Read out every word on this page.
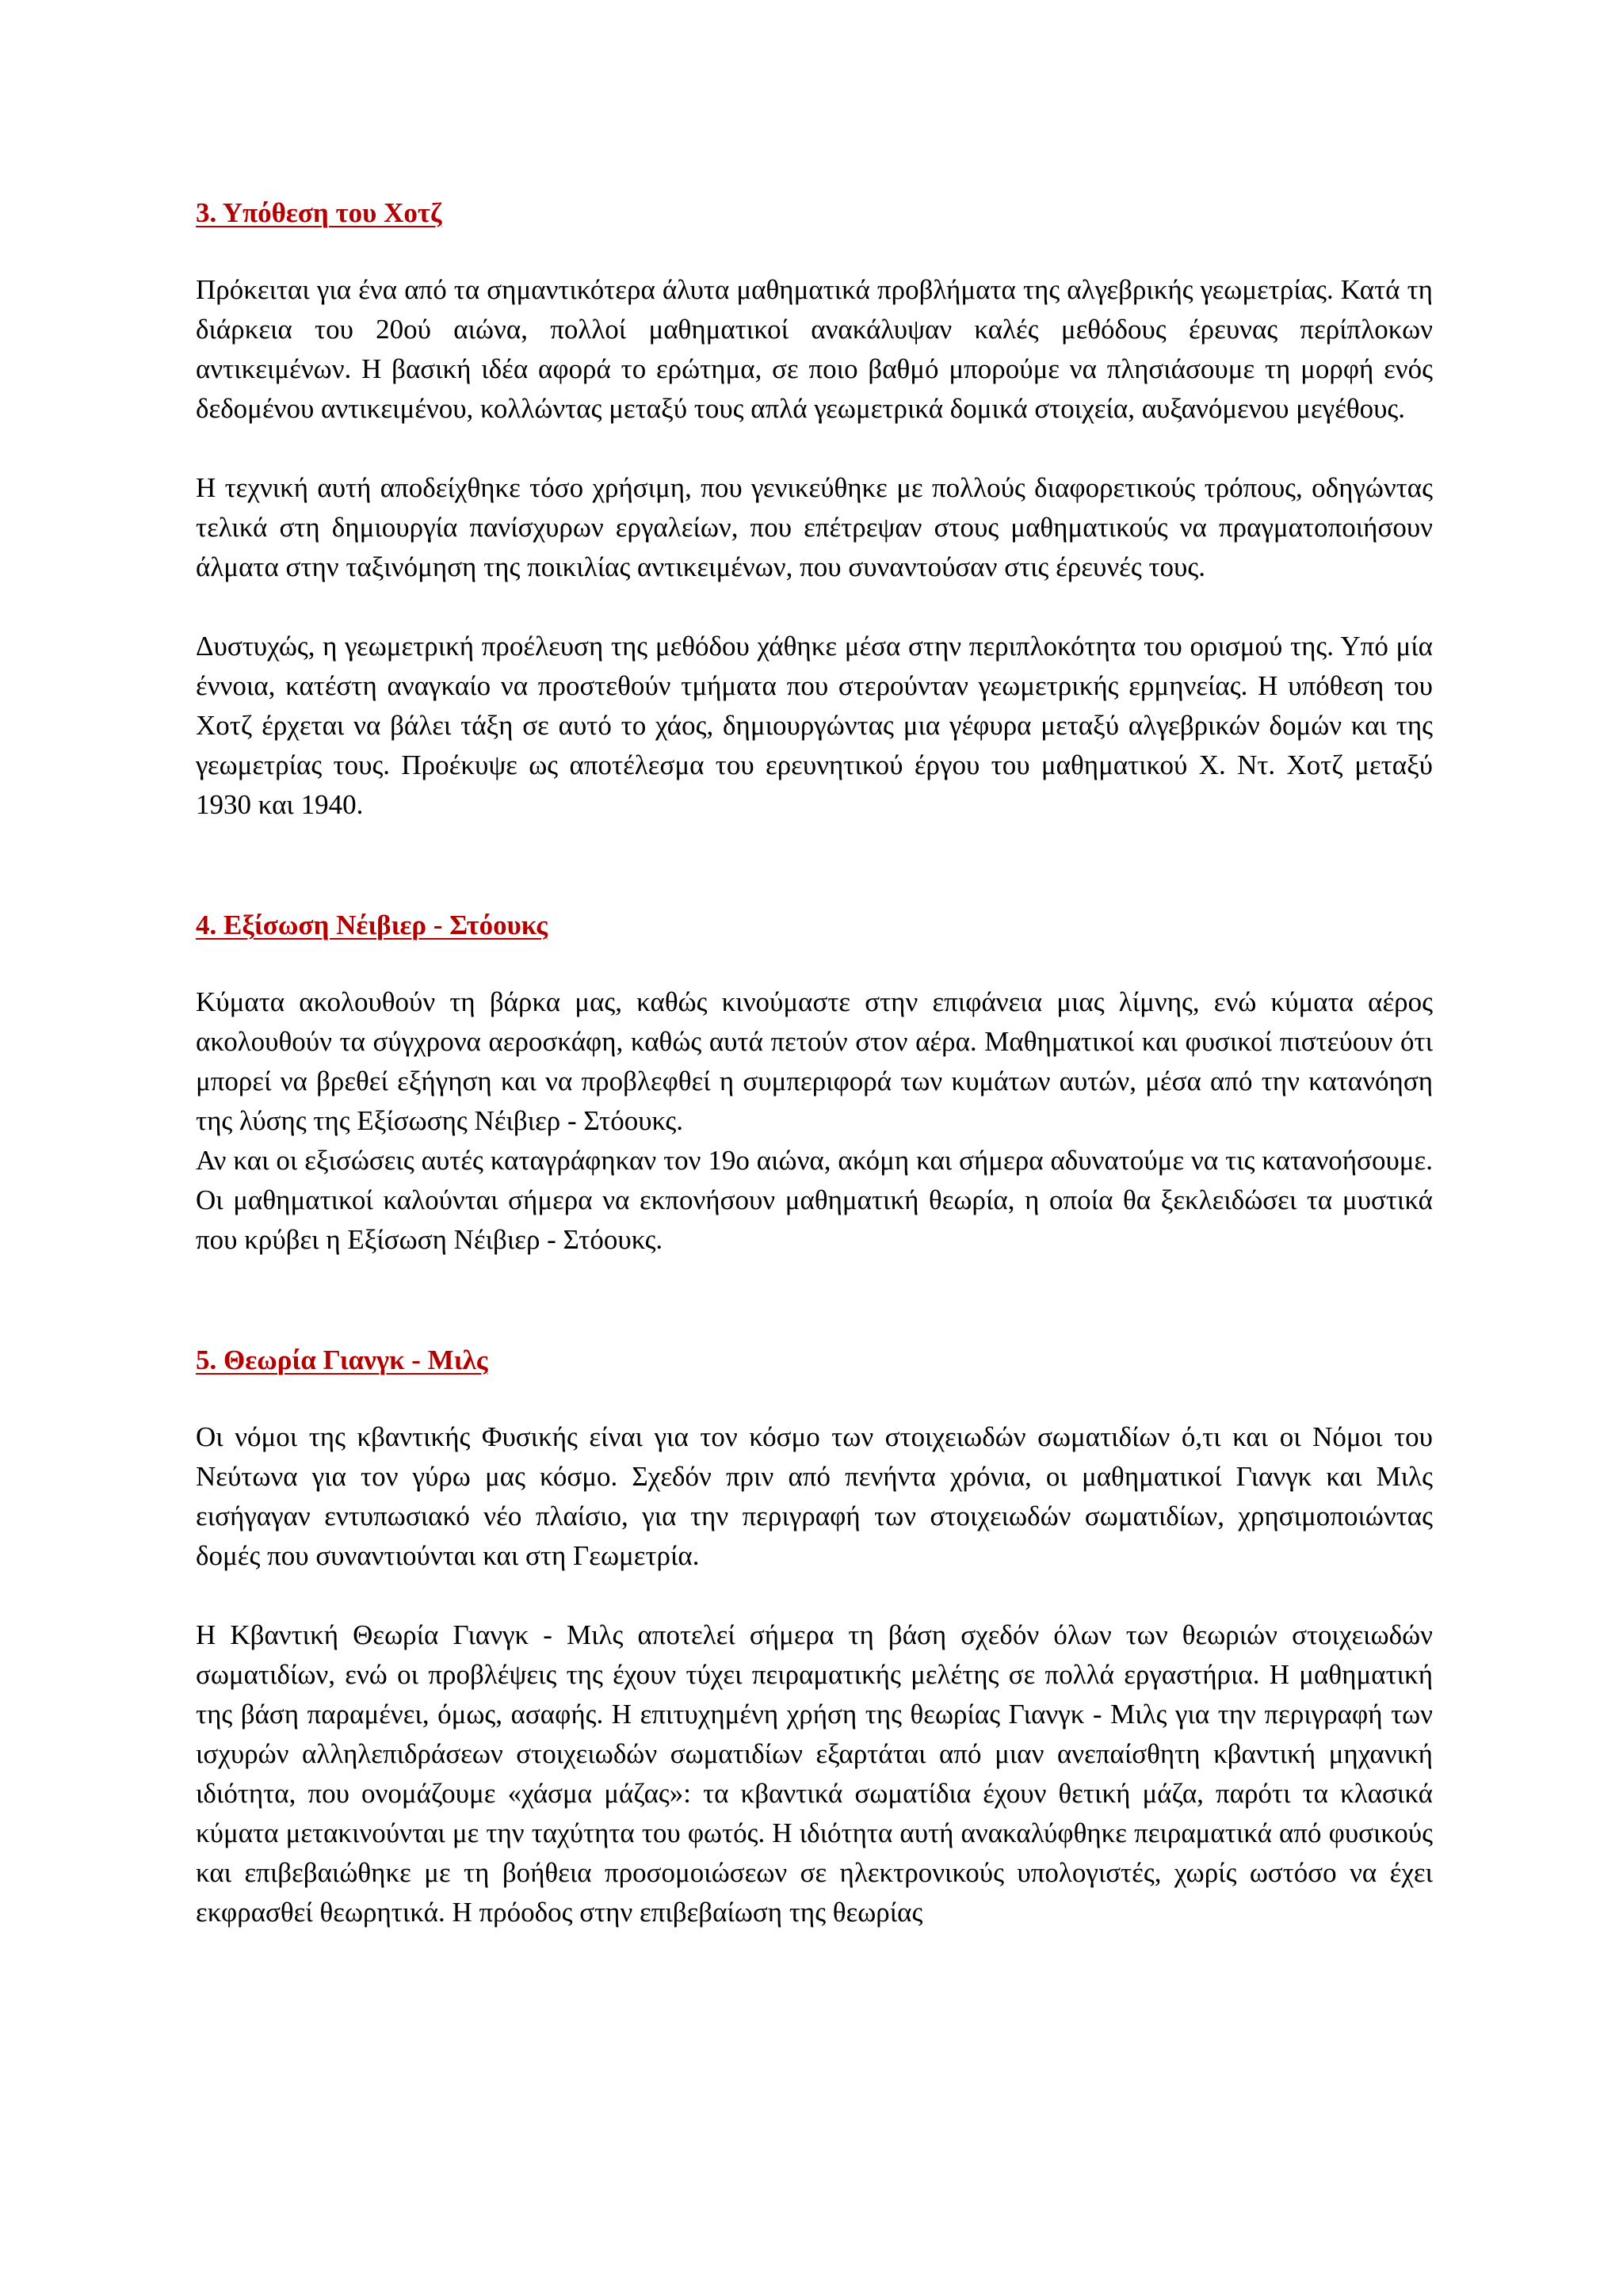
3. Υπόθεση του Χοτζ

Πρόκειται για ένα από τα σημαντικότερα άλυτα μαθηματικά προβλήματα της αλγεβρικής γεωμετρίας. Κατά τη διάρκεια του 20ού αιώνα, πολλοί μαθηματικοί ανακάλυψαν καλές μεθόδους έρευνας περίπλοκων αντικειμένων. Η βασική ιδέα αφορά το ερώτημα, σε ποιο βαθμό μπορούμε να πλησιάσουμε τη μορφή ενός δεδομένου αντικειμένου, κολλώντας μεταξύ τους απλά γεωμετρικά δομικά στοιχεία, αυξανόμενου μεγέθους.

Η τεχνική αυτή αποδείχθηκε τόσο χρήσιμη, που γενικεύθηκε με πολλούς διαφορετικούς τρόπους, οδηγώντας τελικά στη δημιουργία πανίσχυρων εργαλείων, που επέτρεψαν στους μαθηματικούς να πραγματοποιήσουν άλματα στην ταξινόμηση της ποικιλίας αντικειμένων, που συναντούσαν στις έρευνές τους.

Δυστυχώς, η γεωμετρική προέλευση της μεθόδου χάθηκε μέσα στην περιπλοκότητα του ορισμού της. Υπό μία έννοια, κατέστη αναγκαίο να προστεθούν τμήματα που στερούνταν γεωμετρικής ερμηνείας. Η υπόθεση του Χοτζ έρχεται να βάλει τάξη σε αυτό το χάος, δημιουργώντας μια γέφυρα μεταξύ αλγεβρικών δομών και της γεωμετρίας τους. Προέκυψε ως αποτέλεσμα του ερευνητικού έργου του μαθηματικού Χ. Ντ. Χοτζ μεταξύ 1930 και 1940.

4. Εξίσωση Νέιβιερ - Στόουκς

Κύματα ακολουθούν τη βάρκα μας, καθώς κινούμαστε στην επιφάνεια μιας λίμνης, ενώ κύματα αέρος ακολουθούν τα σύγχρονα αεροσκάφη, καθώς αυτά πετούν στον αέρα. Μαθηματικοί και φυσικοί πιστεύουν ότι μπορεί να βρεθεί εξήγηση και να προβλεφθεί η συμπεριφορά των κυμάτων αυτών, μέσα από την κατανόηση της λύσης της Εξίσωσης Νέιβιερ - Στόουκς.

Αν και οι εξισώσεις αυτές καταγράφηκαν τον 19ο αιώνα, ακόμη και σήμερα αδυνατούμε να τις κατανοήσουμε. Οι μαθηματικοί καλούνται σήμερα να εκπονήσουν μαθηματική θεωρία, η οποία θα ξεκλειδώσει τα μυστικά που κρύβει η Εξίσωση Νέιβιερ - Στόουκς.

5. Θεωρία Γιανγκ - Μιλς

Οι νόμοι της κβαντικής Φυσικής είναι για τον κόσμο των στοιχειωδών σωματιδίων ό,τι και οι Νόμοι του Νεύτωνα για τον γύρω μας κόσμο. Σχεδόν πριν από πενήντα χρόνια, οι μαθηματικοί Γιανγκ και Μιλς εισήγαγαν εντυπωσιακό νέο πλαίσιο, για την περιγραφή των στοιχειωδών σωματιδίων, χρησιμοποιώντας δομές που συναντιούνται και στη Γεωμετρία.

Η Κβαντική Θεωρία Γιανγκ - Μιλς αποτελεί σήμερα τη βάση σχεδόν όλων των θεωριών στοιχειωδών σωματιδίων, ενώ οι προβλέψεις της έχουν τύχει πειραματικής μελέτης σε πολλά εργαστήρια. Η μαθηματική της βάση παραμένει, όμως, ασαφής. Η επιτυχημένη χρήση της θεωρίας Γιανγκ - Μιλς για την περιγραφή των ισχυρών αλληλεπιδράσεων στοιχειωδών σωματιδίων εξαρτάται από μιαν ανεπαίσθητη κβαντική μηχανική ιδιότητα, που ονομάζουμε «χάσμα μάζας»: τα κβαντικά σωματίδια έχουν θετική μάζα, παρότι τα κλασικά κύματα μετακινούνται με την ταχύτητα του φωτός. Η ιδιότητα αυτή ανακαλύφθηκε πειραματικά από φυσικούς και επιβεβαιώθηκε με τη βοήθεια προσομοιώσεων σε ηλεκτρονικούς υπολογιστές, χωρίς ωστόσο να έχει εκφρασθεί θεωρητικά. Η πρόοδος στην επιβεβαίωση της θεωρίας
